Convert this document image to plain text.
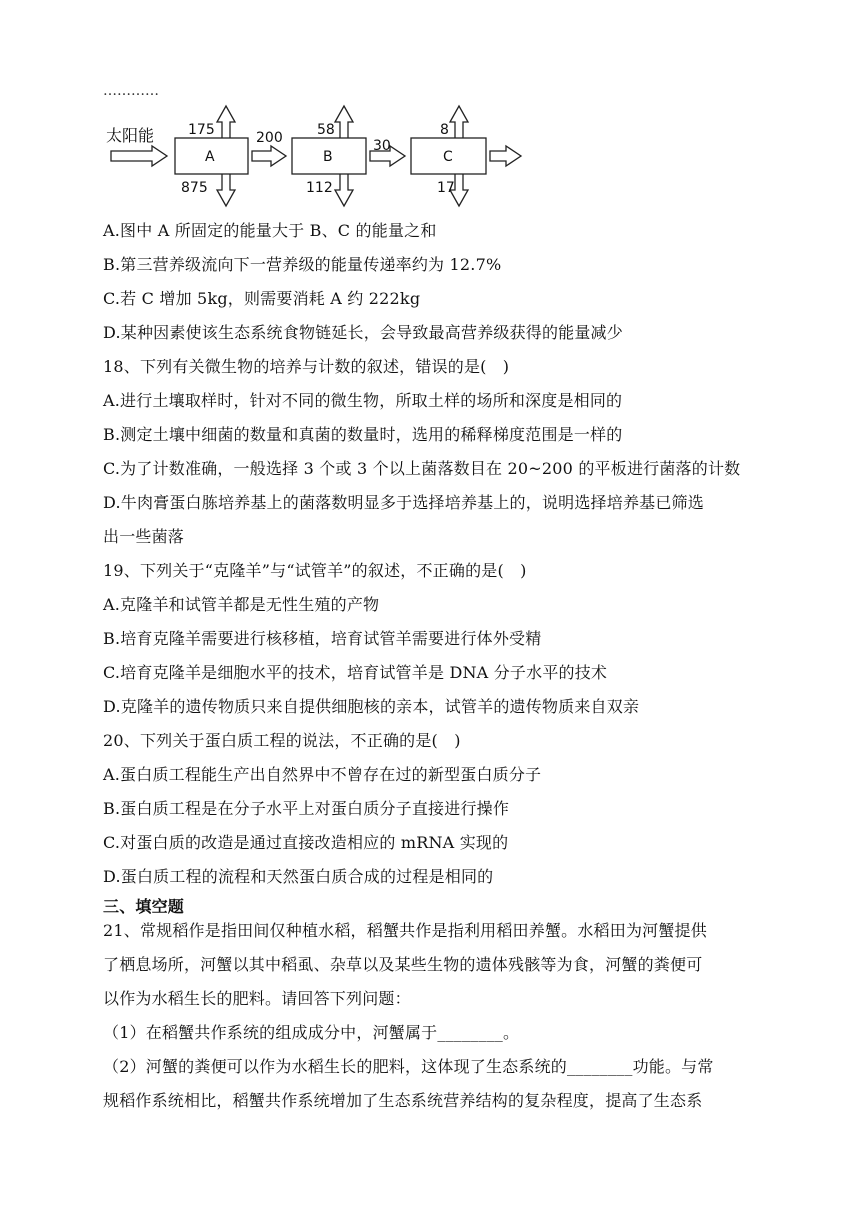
…………
太阳能
A
175
875
200
B
58
112
30
C
8
17
A.图中 A 所固定的能量大于 B、C 的能量之和
B.第三营养级流向下一营养级的能量传递率约为 12.7%
C.若 C 增加 5kg，则需要消耗 A 约 222kg
D.某种因素使该生态系统食物链延长，会导致最高营养级获得的能量减少
18、下列有关微生物的培养与计数的叙述，错误的是( )
A.进行土壤取样时，针对不同的微生物，所取土样的场所和深度是相同的
B.测定土壤中细菌的数量和真菌的数量时，选用的稀释梯度范围是一样的
C.为了计数准确，一般选择 3 个或 3 个以上菌落数目在 20~200 的平板进行菌落的计数
D.牛肉膏蛋白胨培养基上的菌落数明显多于选择培养基上的，说明选择培养基已筛选
出一些菌落
19、下列关于“克隆羊”与“试管羊”的叙述，不正确的是( )
A.克隆羊和试管羊都是无性生殖的产物
B.培育克隆羊需要进行核移植，培育试管羊需要进行体外受精
C.培育克隆羊是细胞水平的技术，培育试管羊是 DNA 分子水平的技术
D.克隆羊的遗传物质只来自提供细胞核的亲本，试管羊的遗传物质来自双亲
20、下列关于蛋白质工程的说法，不正确的是( )
A.蛋白质工程能生产出自然界中不曾存在过的新型蛋白质分子
B.蛋白质工程是在分子水平上对蛋白质分子直接进行操作
C.对蛋白质的改造是通过直接改造相应的 mRNA 实现的
D.蛋白质工程的流程和天然蛋白质合成的过程是相同的
三、填空题
21、常规稻作是指田间仅种植水稻，稻蟹共作是指利用稻田养蟹。水稻田为河蟹提供
了栖息场所，河蟹以其中稻虱、杂草以及某些生物的遗体残骸等为食，河蟹的粪便可
以作为水稻生长的肥料。请回答下列问题：
（1）在稻蟹共作系统的组成成分中，河蟹属于________。
（2）河蟹的粪便可以作为水稻生长的肥料，这体现了生态系统的________功能。与常
规稻作系统相比，稻蟹共作系统增加了生态系统营养结构的复杂程度，提高了生态系
